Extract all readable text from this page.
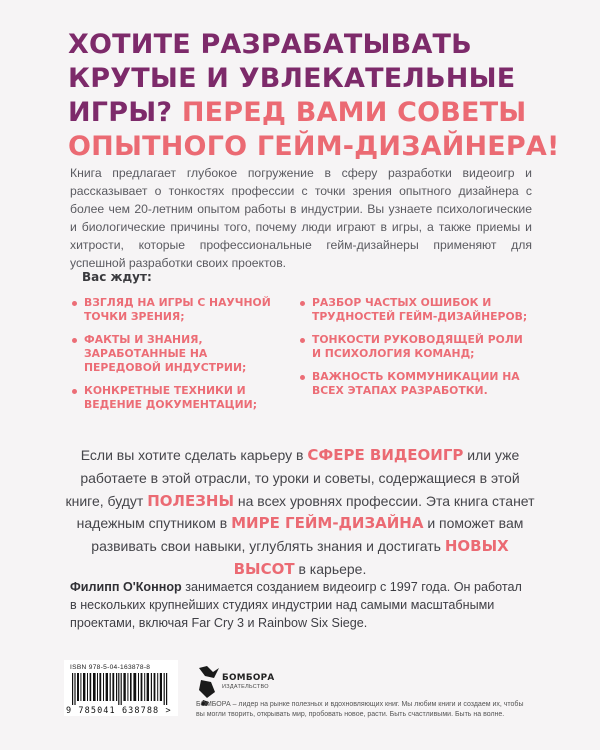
ХОТИТЕ РАЗРАБАТЫВАТЬ
КРУТЫЕ И УВЛЕКАТЕЛЬНЫЕ
ИГРЫ? ПЕРЕД ВАМИ СОВЕТЫ
ОПЫТНОГО ГЕЙМ-ДИЗАЙНЕРА!

Книга предлагает глубокое погружение в сферу разработки видеоигр и рассказывает о тонкостях профессии с точки зрения опытного дизайнера с более чем 20-летним опытом работы в индустрии. Вы узнаете психологические и биологические причины того, почему люди играют в игры, а также приемы и хитрости, которые профессиональные гейм-дизайнеры применяют для успешной разработки своих проектов.

Вас ждут:

ВЗГЛЯД НА ИГРЫ С НАУЧНОЙ ТОЧКИ ЗРЕНИЯ;
ФАКТЫ И ЗНАНИЯ, ЗАРАБОТАННЫЕ НА ПЕРЕДОВОЙ ИНДУСТРИИ;
КОНКРЕТНЫЕ ТЕХНИКИ И ВЕДЕНИЕ ДОКУМЕНТАЦИИ;
РАЗБОР ЧАСТЫХ ОШИБОК И ТРУДНОСТЕЙ ГЕЙМ-ДИЗАЙНЕРОВ;
ТОНКОСТИ РУКОВОДЯЩЕЙ РОЛИ И ПСИХОЛОГИЯ КОМАНД;
ВАЖНОСТЬ КОММУНИКАЦИИ НА ВСЕХ ЭТАПАХ РАЗРАБОТКИ.

Если вы хотите сделать карьеру в СФЕРЕ ВИДЕОИГР или уже работаете в этой отрасли, то уроки и советы, содержащиеся в этой книге, будут ПОЛЕЗНЫ на всех уровнях профессии. Эта книга станет надежным спутником в МИРЕ ГЕЙМ-ДИЗАЙНА и поможет вам развивать свои навыки, углублять знания и достигать НОВЫХ ВЫСОТ в карьере.

Филипп О'Коннор занимается созданием видеоигр с 1997 года. Он работал в нескольких крупнейших студиях индустрии над самыми масштабными проектами, включая Far Cry 3 и Rainbow Six Siege.

ISBN 978-5-04-163878-8
9 785041 638788 >
БОМБОРА
ИЗДАТЕЛЬСТВО

БОМБОРА – лидер на рынке полезных и вдохновляющих книг. Мы любим книги и создаем их, чтобы вы могли творить, открывать мир, пробовать новое, расти. Быть счастливыми. Быть на волне.
